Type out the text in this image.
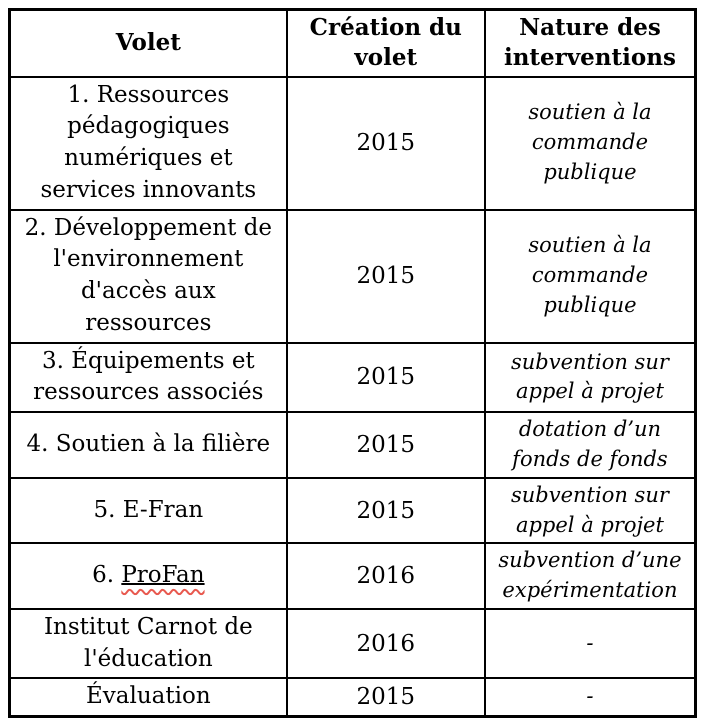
Volet	Création du volet	Nature des interventions
1. Ressources pédagogiques numériques et services innovants	2015	soutien à la commande publique
2. Développement de l'environnement d'accès aux ressources	2015	soutien à la commande publique
3. Équipements et ressources associés	2015	subvention sur appel à projet
4. Soutien à la filière	2015	dotation d’un fonds de fonds
5. E-Fran	2015	subvention sur appel à projet
6. ProFan	2016	subvention d’une expérimentation
Institut Carnot de l'éducation	2016	-
Évaluation	2015	-
